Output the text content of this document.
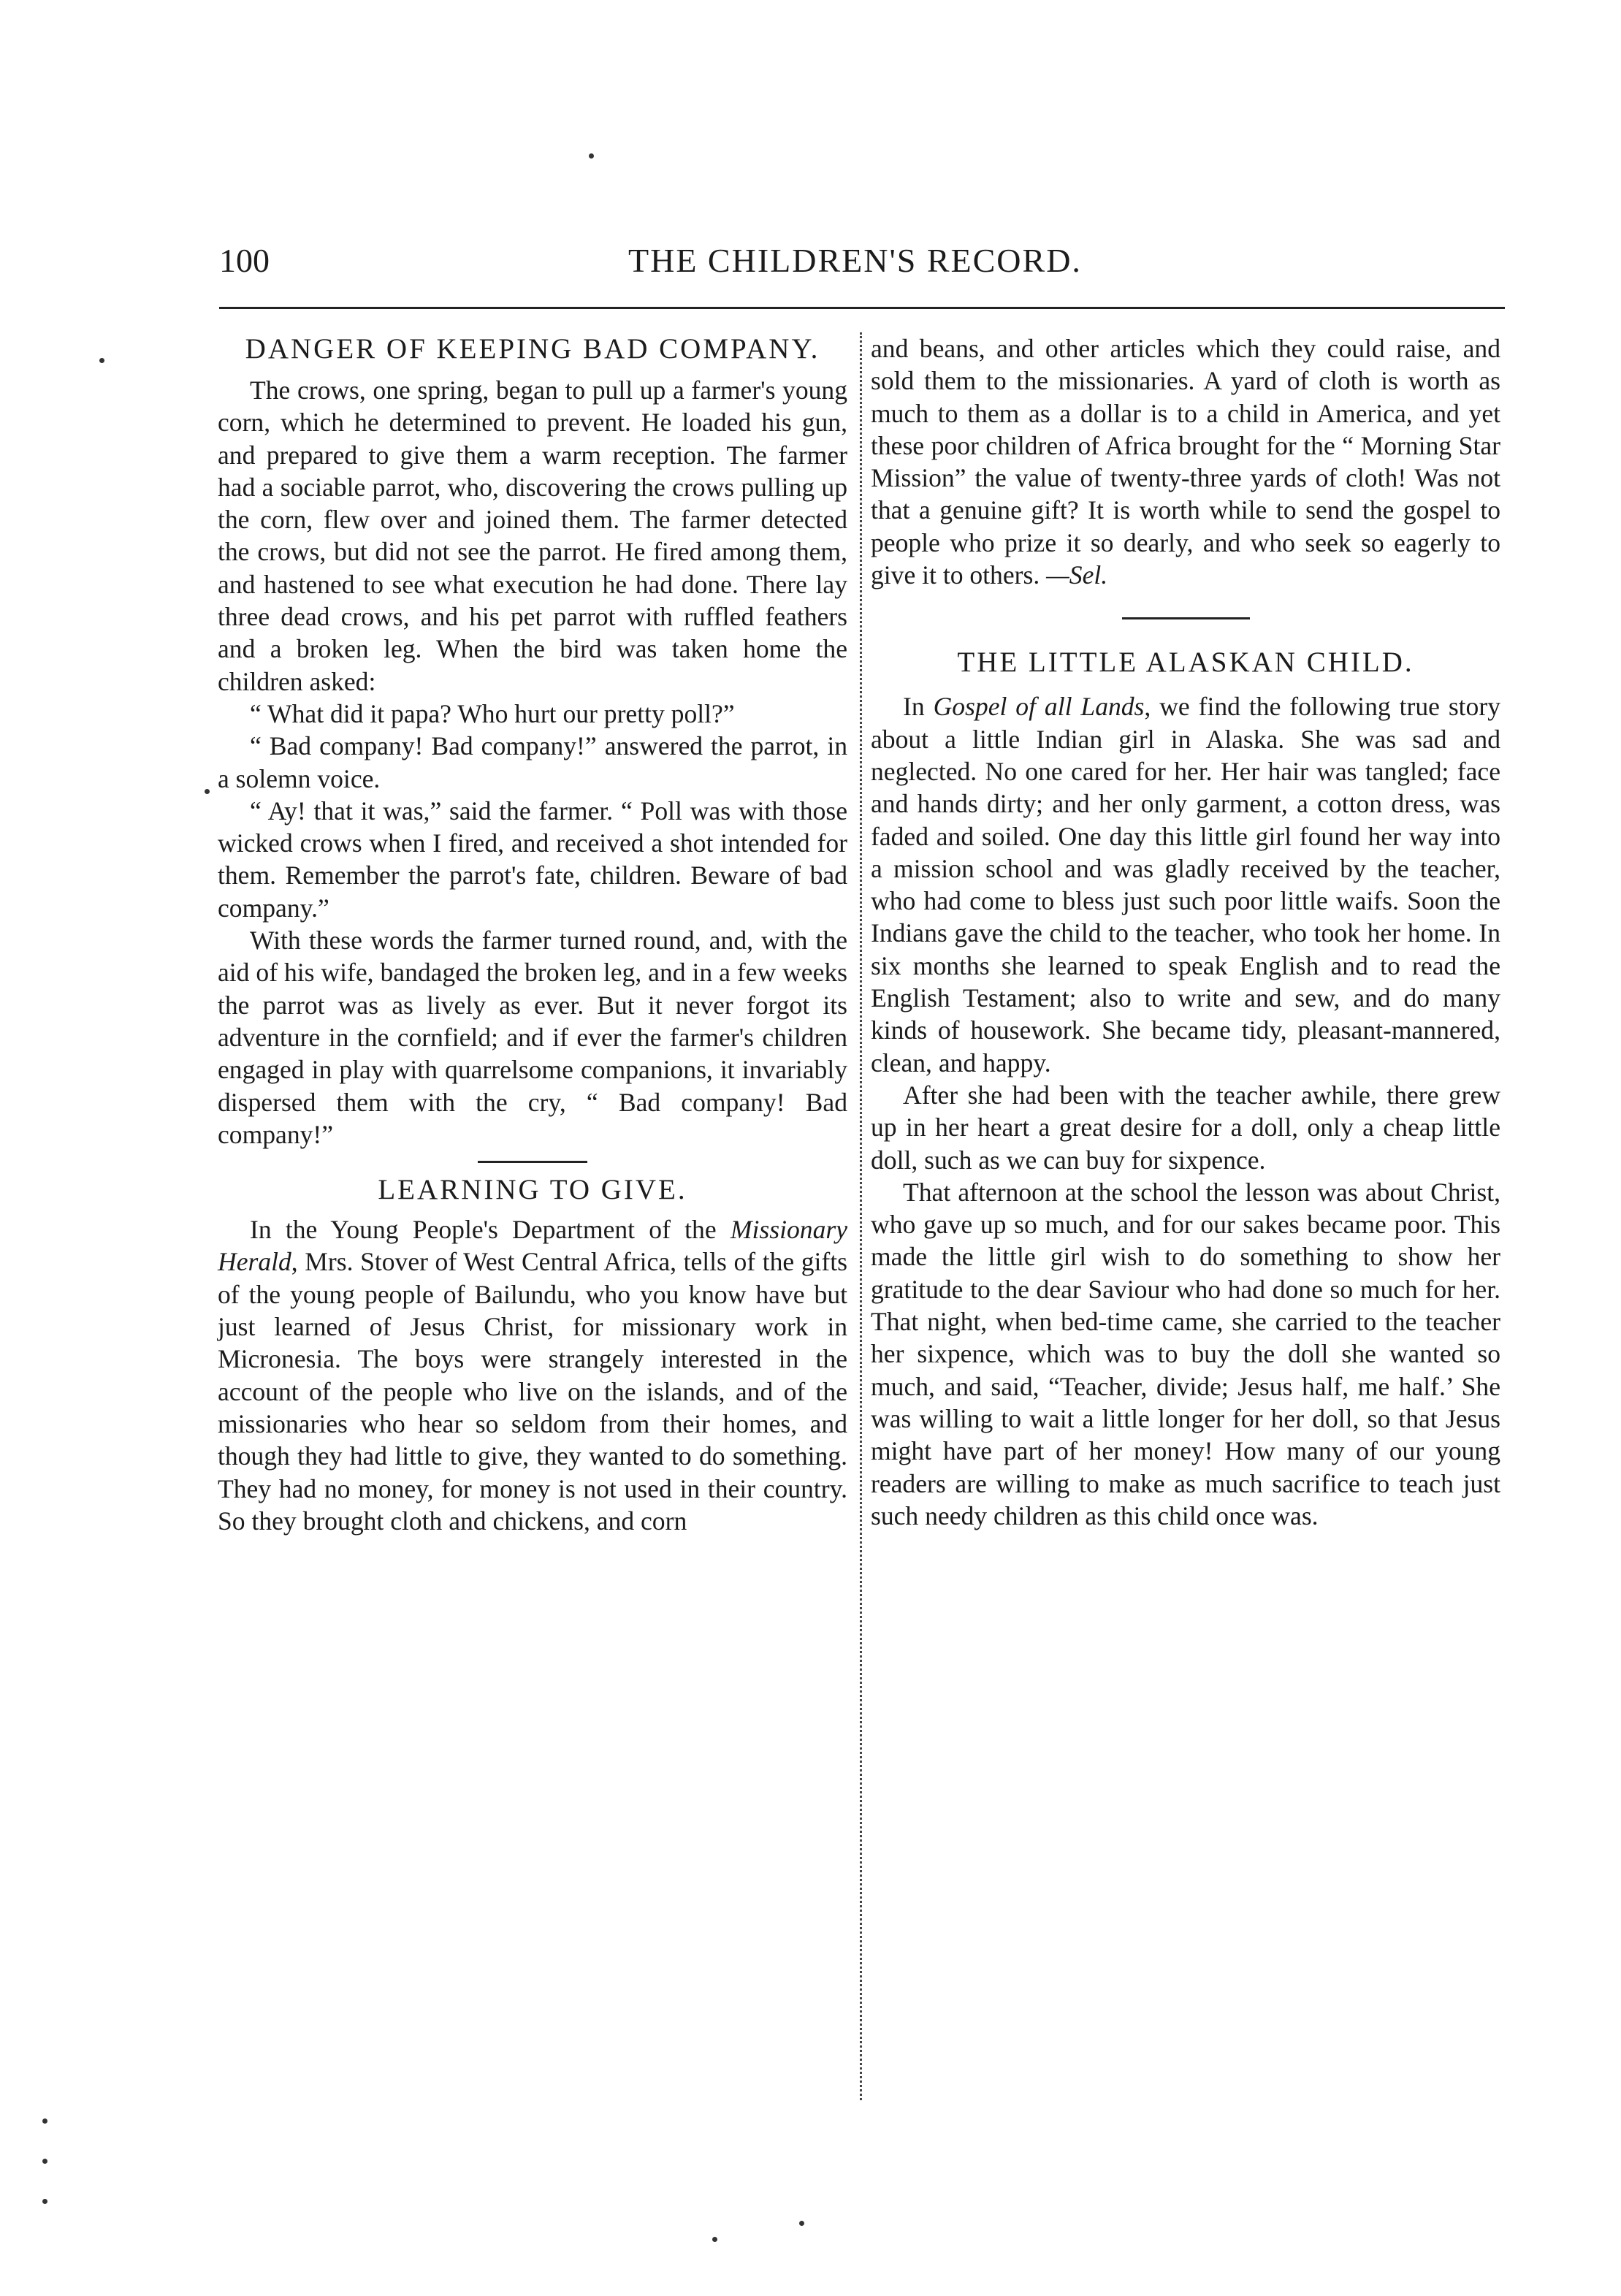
100	THE CHILDREN'S RECORD.
DANGER OF KEEPING BAD COMPANY.

The crows, one spring, began to pull up a farmer's young corn, which he determined to prevent. He loaded his gun, and prepared to give them a warm reception. The farmer had a sociable parrot, who, discovering the crows pulling up the corn, flew over and joined them. The farmer detected the crows, but did not see the parrot. He fired among them, and hastened to see what execution he had done. There lay three dead crows, and his pet parrot with ruffled feathers and a broken leg. When the bird was taken home the children asked:

“ What did it papa? Who hurt our pretty poll?”

“ Bad company! Bad company!” answered the parrot, in a solemn voice.

“ Ay! that it was,” said the farmer. “ Poll was with those wicked crows when I fired, and received a shot intended for them. Remember the parrot's fate, children. Beware of bad company.”

With these words the farmer turned round, and, with the aid of his wife, bandaged the broken leg, and in a few weeks the parrot was as lively as ever. But it never forgot its adventure in the cornfield; and if ever the farmer's children engaged in play with quarrelsome companions, it invariably dispersed them with the cry, “ Bad company! Bad company!”

LEARNING TO GIVE.

In the Young People's Department of the Missionary Herald, Mrs. Stover of West Central Africa, tells of the gifts of the young people of Bailundu, who you know have but just learned of Jesus Christ, for missionary work in Micronesia. The boys were strangely interested in the account of the people who live on the islands, and of the missionaries who hear so seldom from their homes, and though they had little to give, they wanted to do something. They had no money, for money is not used in their country. So they brought cloth and chickens, and corn

and beans, and other articles which they could raise, and sold them to the missionaries. A yard of cloth is worth as much to them as a dollar is to a child in America, and yet these poor children of Africa brought for the “ Morning Star Mission” the value of twenty-three yards of cloth! Was not that a genuine gift? It is worth while to send the gospel to people who prize it so dearly, and who seek so eagerly to give it to others. —Sel.

THE LITTLE ALASKAN CHILD.

In Gospel of all Lands, we find the following true story about a little Indian girl in Alaska. She was sad and neglected. No one cared for her. Her hair was tangled; face and hands dirty; and her only garment, a cotton dress, was faded and soiled. One day this little girl found her way into a mission school and was gladly received by the teacher, who had come to bless just such poor little waifs. Soon the Indians gave the child to the teacher, who took her home. In six months she learned to speak English and to read the English Testament; also to write and sew, and do many kinds of housework. She became tidy, pleasant-mannered, clean, and happy.

After she had been with the teacher awhile, there grew up in her heart a great desire for a doll, only a cheap little doll, such as we can buy for sixpence.

That afternoon at the school the lesson was about Christ, who gave up so much, and for our sakes became poor. This made the little girl wish to do something to show her gratitude to the dear Saviour who had done so much for her. That night, when bed-time came, she carried to the teacher her sixpence, which was to buy the doll she wanted so much, and said, “Teacher, divide; Jesus half, me half.’ She was willing to wait a little longer for her doll, so that Jesus might have part of her money! How many of our young readers are willing to make as much sacrifice to teach just such needy children as this child once was.
